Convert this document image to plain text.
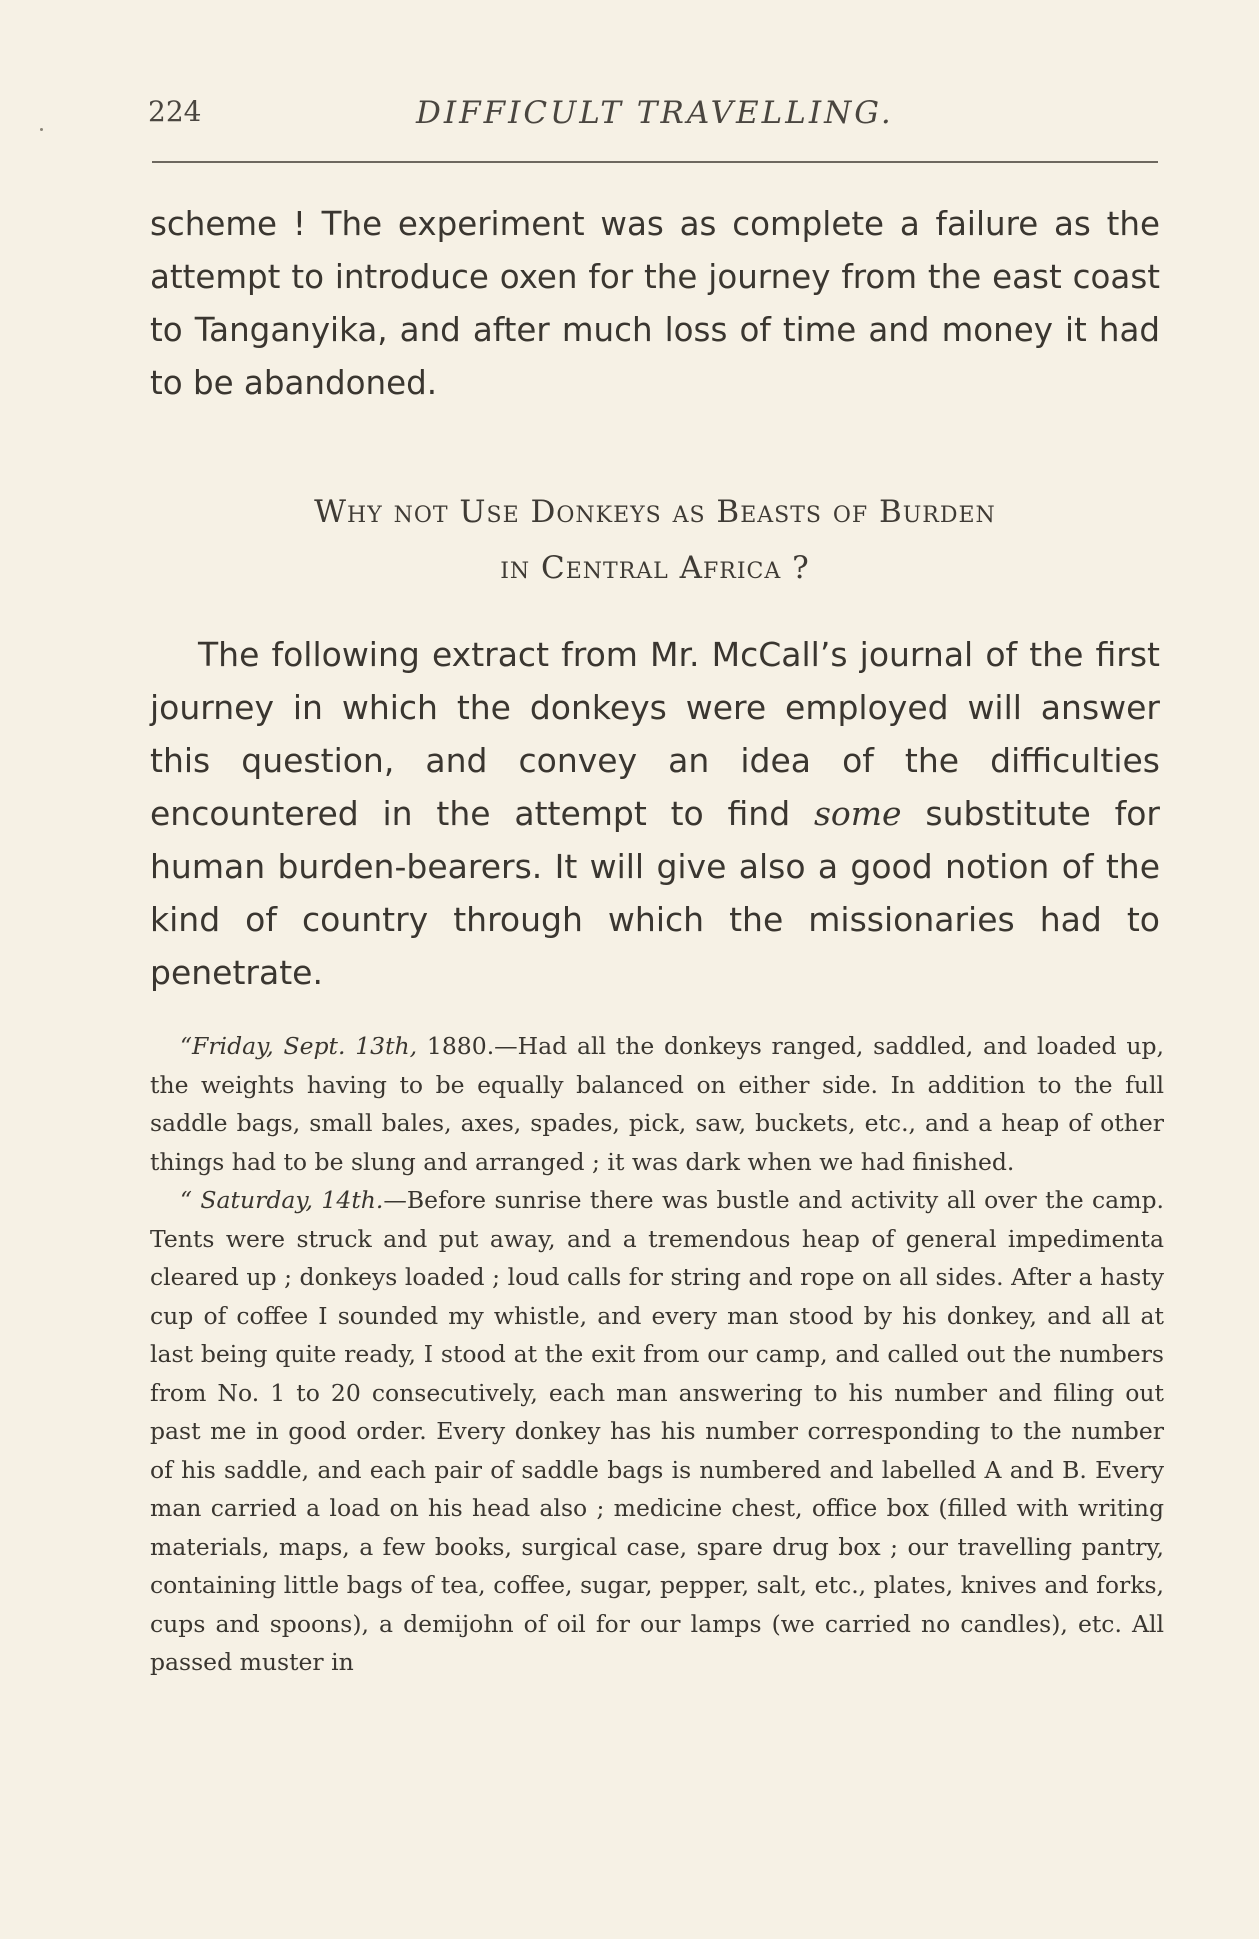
224	DIFFICULT TRAVELLING.

scheme ! The experiment was as complete a failure as the attempt to introduce oxen for the journey from the east coast to Tanganyika, and after much loss of time and money it had to be abandoned.

Why not Use Donkeys as Beasts of Burden
in Central Africa ?

The following extract from Mr. McCall’s journal of the first journey in which the donkeys were employed will answer this question, and convey an idea of the difficulties encountered in the attempt to find some substitute for human burden-bearers. It will give also a good notion of the kind of country through which the missionaries had to penetrate.

“Friday, Sept. 13th, 1880.—Had all the donkeys ranged, saddled, and loaded up, the weights having to be equally balanced on either side. In addition to the full saddle bags, small bales, axes, spades, pick, saw, buckets, etc., and a heap of other things had to be slung and arranged ; it was dark when we had finished.

“ Saturday, 14th.—Before sunrise there was bustle and activity all over the camp. Tents were struck and put away, and a tremendous heap of general impedimenta cleared up ; donkeys loaded ; loud calls for string and rope on all sides. After a hasty cup of coffee I sounded my whistle, and every man stood by his donkey, and all at last being quite ready, I stood at the exit from our camp, and called out the numbers from No. 1 to 20 consecutively, each man answering to his number and filing out past me in good order. Every donkey has his number corresponding to the number of his saddle, and each pair of saddle bags is numbered and labelled A and B. Every man carried a load on his head also ; medicine chest, office box (filled with writing materials, maps, a few books, surgical case, spare drug box ; our travelling pantry, containing little bags of tea, coffee, sugar, pepper, salt, etc., plates, knives and forks, cups and spoons), a demijohn of oil for our lamps (we carried no candles), etc. All passed muster in
